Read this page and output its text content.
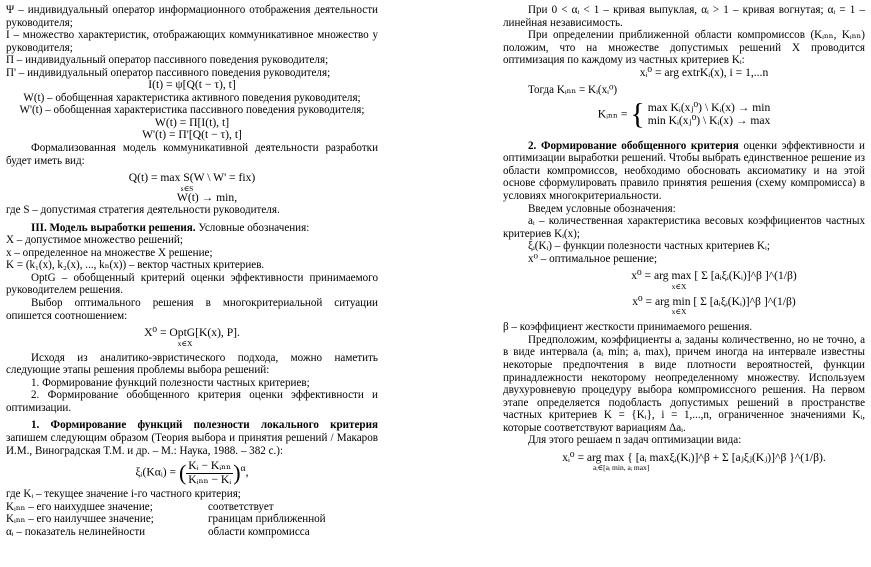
Ψ – индивидуальный оператор информационного отображения деятельности руководителя;

I – множество характеристик, отображающих коммуникативное множество у руководителя;

П – индивидуальный оператор пассивного поведения руководителя;

П' – индивидуальный оператор пассивного поведения руководителя;

I(t) = ψ[Q(t − τ), t]

W(t) – обобщенная характеристика активного поведения руководителя;

W'(t) – обобщенная характеристика пассивного поведения руководителя;

W(t) = П[I(t), t]

W'(t) = П'[Q(t − τ), t]

Формализованная модель коммуникативной деятельности разработки будет иметь вид:

Q(t) = max S(W \ W' = fix)

s∈S

W(t) → min,

где S – допустимая стратегия деятельности руководителя.

III. Модель выработки решения. Условные обозначения:

X – допустимое множество решений;

x – определенное на множестве X решение;

K = (k₁(x), k₂(x), ..., kₙ(x)) – вектор частных критериев.

OptG – обобщенный критерий оценки эффективности принимаемого руководителем решения.

Выбор оптимального решения в многокритериальной ситуации опишется соотношением:

X⁰ = OptG[K(x), P].

x∈X

Исходя из аналитико-эвристического подхода, можно наметить следующие этапы решения проблемы выбора решений:

1. Формирование функций полезности частных критериев;

2. Формирование обобщенного критерия оценки эффективности и оптимизации.

1. Формирование функций полезности локального критерия запишем следующим образом (Теория выбора и принятия решений / Макаров И.М., Виноградская Т.М. и др. – М.: Наука, 1988. – 382 с.):

ξᵢ(Kαᵢ) = ( $\frac{\text{Kᵢ − Kᵢₙₙ}}{\text{Kᵢₙₙ − Kᵢ}} )^\alpha$,

где Kᵢ – текущее значение i-го частного критерия;

Kᵢₙₙ – его наихудшее значение;	соответствует
Kᵢₙₙ – его наилучшее значение;	границам приближенной
αᵢ – показатель нелинейности	области компромисса

При 0 < αᵢ < 1 – кривая выпуклая, αᵢ > 1 – кривая вогнутая; αᵢ = 1 – линейная независимость.

При определении приближенной области компромиссов (Kᵢₙₙ, Kᵢₙₙ) положим, что на множестве допустимых решений X проводится оптимизация по каждому из частных критериев Kᵢ:

xᵢ⁰ = arg extrKᵢ(x), i = 1,...n

Тогда Kᵢₙₙ = Kᵢ(xᵢ⁰)

Kᵢₙₙ = { max Kᵢ(xⱼ⁰) \ Kᵢ(x) → min
min Kᵢ(xⱼ⁰) \ Kᵢ(x) → max

2. Формирование обобщенного критерия оценки эффективности и оптимизации выработки решений. Чтобы выбрать единственное решение из области компромиссов, необходимо обосновать аксиоматику и на этой основе сформулировать правило принятия решения (схему компромисса) в условиях многокритериальности.

Введем условные обозначения:

aᵢ – количественная характеристика весовых коэффициентов частных критериев Kᵢ(x);

ξᵢ(Kᵢ) – функции полезности частных критериев Kᵢ;

x⁰ – оптимальное решение;

x⁰ = arg max [ Σ [aᵢξᵢ(Kᵢ)]^β ]^(1/β)

x∈X

x⁰ = arg min [ Σ [aᵢξᵢ(Kᵢ)]^β ]^(1/β)

x∈X

β – коэффициент жесткости принимаемого решения.

Предположим, коэффициенты aᵢ заданы количественно, но не точно, а в виде интервала (aᵢ min; aᵢ max), причем иногда на интервале известны некоторые предпочтения в виде плотности вероятностей, функции принадлежности некоторому неопределенному множеству. Используем двухуровневую процедуру выбора компромиссного решения. На первом этапе определяется подобласть допустимых решений в пространстве частных критериев K = {Kᵢ}, i = 1,...,n, ограниченное значениями Kᵢ, которые соответствуют вариациям Δaᵢ.

Для этого решаем n задач оптимизации вида:

xᵢ⁰ = arg max { [aᵢ maxξᵢ(Kᵢ)]^β + Σ [aⱼξⱼ(Kⱼ)]^β }^(1/β).

aᵢ∈[aᵢ min, aᵢ max]
